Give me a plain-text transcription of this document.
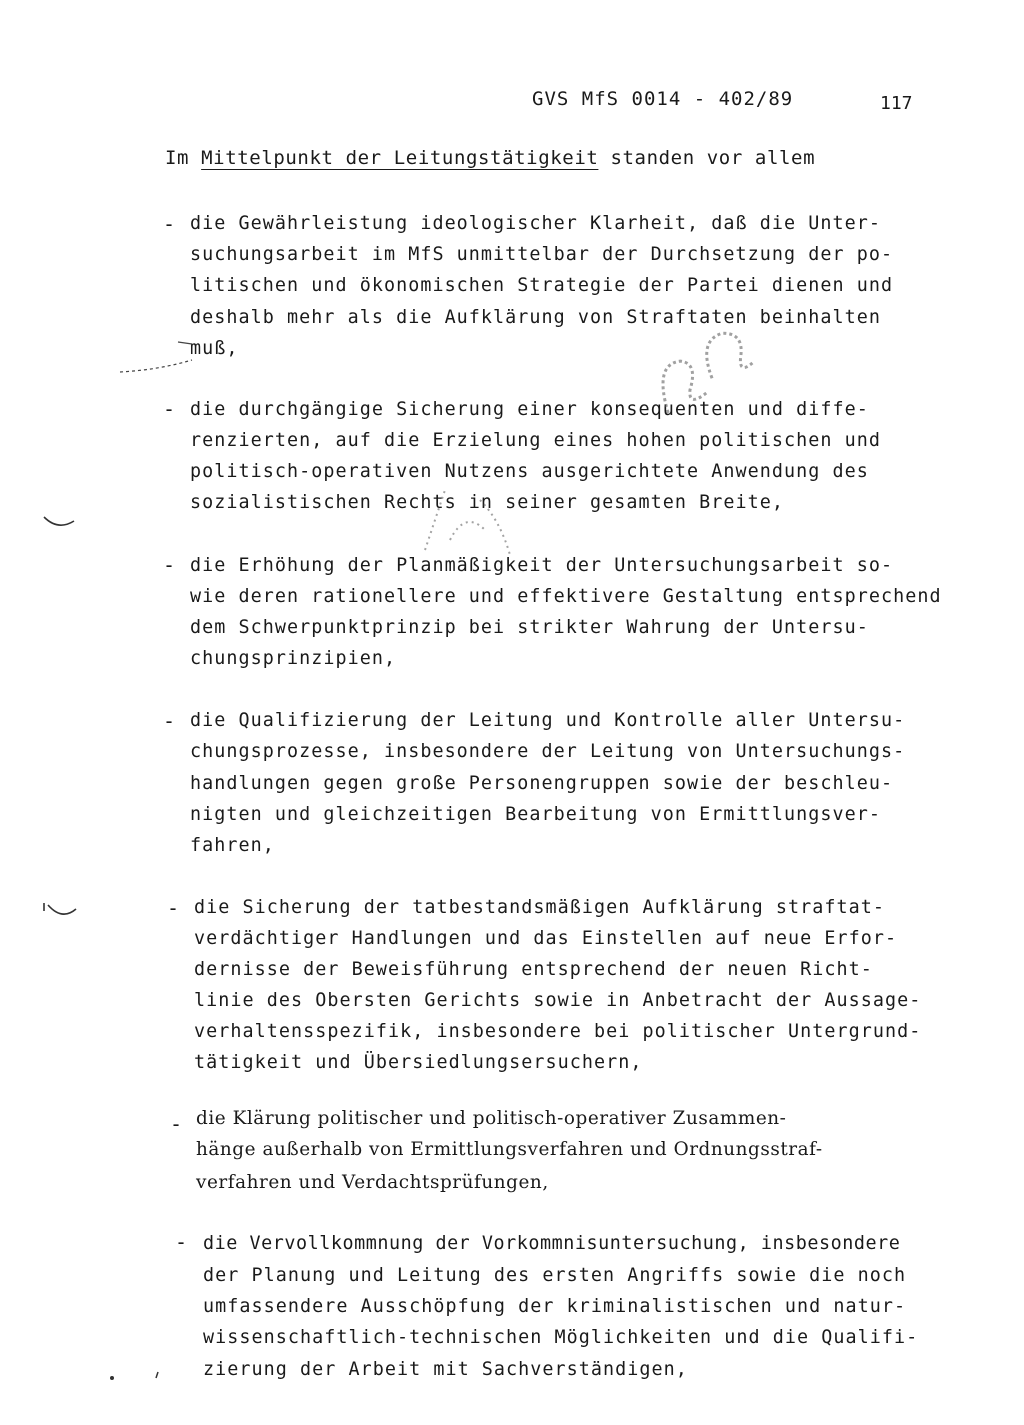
GVS MfS 0014 - 402/89	117
Im Mittelpunkt der Leitungstätigkeit standen vor allem
- die Gewährleistung ideologischer Klarheit, daß die Unter-
suchungsarbeit im MfS unmittelbar der Durchsetzung der po-
litischen und ökonomischen Strategie der Partei dienen und
deshalb mehr als die Aufklärung von Straftaten beinhalten
muß,
- die durchgängige Sicherung einer konsequenten und diffe-
renzierten, auf die Erzielung eines hohen politischen und
politisch-operativen Nutzens ausgerichtete Anwendung des
sozialistischen Rechts in seiner gesamten Breite,
- die Erhöhung der Planmäßigkeit der Untersuchungsarbeit so-
wie deren rationellere und effektivere Gestaltung entsprechend
dem Schwerpunktprinzip bei strikter Wahrung der Untersu-
chungsprinzipien,
- die Qualifizierung der Leitung und Kontrolle aller Untersu-
chungsprozesse, insbesondere der Leitung von Untersuchungs-
handlungen gegen große Personengruppen sowie der beschleu-
nigten und gleichzeitigen Bearbeitung von Ermittlungsver-
fahren,
- die Sicherung der tatbestandsmäßigen Aufklärung straftat-
verdächtiger Handlungen und das Einstellen auf neue Erfor-
dernisse der Beweisführung entsprechend der neuen Richt-
linie des Obersten Gerichts sowie in Anbetracht der Aussage-
verhaltensspezifik, insbesondere bei politischer Untergrund-
tätigkeit und Übersiedlungsersuchern,
- die Klärung politischer und politisch-operativer Zusammen-
hänge außerhalb von Ermittlungsverfahren und Ordnungsstraf-
verfahren und Verdachtsprüfungen,
- die Vervollkommnung der Vorkommnisuntersuchung, insbesondere
der Planung und Leitung des ersten Angriffs sowie die noch
umfassendere Ausschöpfung der kriminalistischen und natur-
wissenschaftlich-technischen Möglichkeiten und die Qualifi-
zierung der Arbeit mit Sachverständigen,
